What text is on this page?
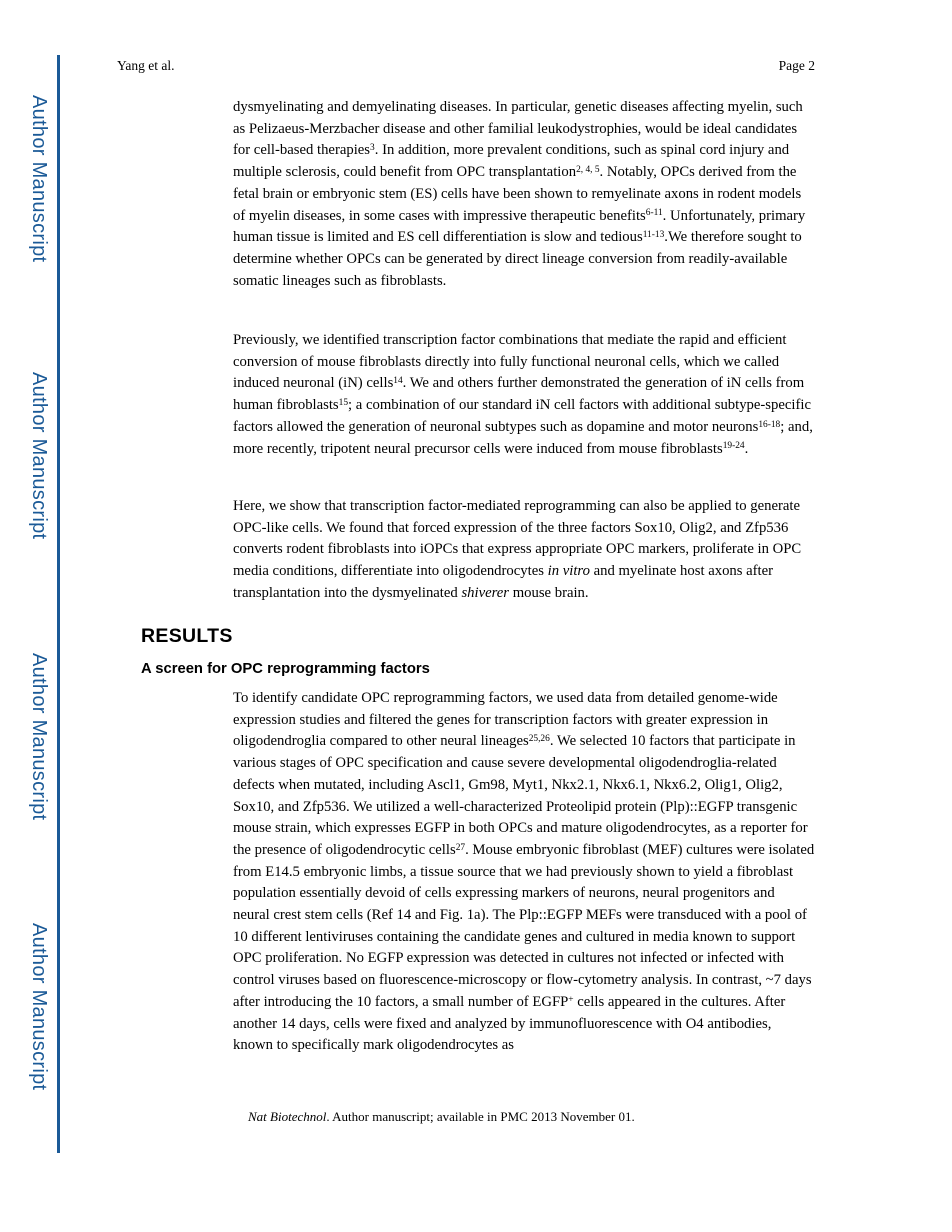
Author Manuscript
Author Manuscript
Author Manuscript
Author Manuscript
Yang et al.	Page 2
dysmyelinating and demyelinating diseases. In particular, genetic diseases affecting myelin, such as Pelizaeus-Merzbacher disease and other familial leukodystrophies, would be ideal candidates for cell-based therapies$^3$. In addition, more prevalent conditions, such as spinal cord injury and multiple sclerosis, could benefit from OPC transplantation$^{2, 4, 5}$. Notably, OPCs derived from the fetal brain or embryonic stem (ES) cells have been shown to remyelinate axons in rodent models of myelin diseases, in some cases with impressive therapeutic benefits$^{6-11}$. Unfortunately, primary human tissue is limited and ES cell differentiation is slow and tedious$^{11-13}$.We therefore sought to determine whether OPCs can be generated by direct lineage conversion from readily-available somatic lineages such as fibroblasts.
Previously, we identified transcription factor combinations that mediate the rapid and efficient conversion of mouse fibroblasts directly into fully functional neuronal cells, which we called induced neuronal (iN) cells$^{14}$. We and others further demonstrated the generation of iN cells from human fibroblasts$^{15}$; a combination of our standard iN cell factors with additional subtype-specific factors allowed the generation of neuronal subtypes such as dopamine and motor neurons$^{16-18}$; and, more recently, tripotent neural precursor cells were induced from mouse fibroblasts$^{19-24}$.
Here, we show that transcription factor-mediated reprogramming can also be applied to generate OPC-like cells. We found that forced expression of the three factors Sox10, Olig2, and Zfp536 converts rodent fibroblasts into iOPCs that express appropriate OPC markers, proliferate in OPC media conditions, differentiate into oligodendrocytes in vitro and myelinate host axons after transplantation into the dysmyelinated shiverer mouse brain.
RESULTS
A screen for OPC reprogramming factors
To identify candidate OPC reprogramming factors, we used data from detailed genome-wide expression studies and filtered the genes for transcription factors with greater expression in oligodendroglia compared to other neural lineages$^{25,26}$. We selected 10 factors that participate in various stages of OPC specification and cause severe developmental oligodendroglia-related defects when mutated, including Ascl1, Gm98, Myt1, Nkx2.1, Nkx6.1, Nkx6.2, Olig1, Olig2, Sox10, and Zfp536. We utilized a well-characterized Proteolipid protein (Plp)::EGFP transgenic mouse strain, which expresses EGFP in both OPCs and mature oligodendrocytes, as a reporter for the presence of oligodendrocytic cells$^{27}$. Mouse embryonic fibroblast (MEF) cultures were isolated from E14.5 embryonic limbs, a tissue source that we had previously shown to yield a fibroblast population essentially devoid of cells expressing markers of neurons, neural progenitors and neural crest stem cells (Ref 14 and Fig. 1a). The Plp::EGFP MEFs were transduced with a pool of 10 different lentiviruses containing the candidate genes and cultured in media known to support OPC proliferation. No EGFP expression was detected in cultures not infected or infected with control viruses based on fluorescence-microscopy or flow-cytometry analysis. In contrast, ~7 days after introducing the 10 factors, a small number of EGFP+ cells appeared in the cultures. After another 14 days, cells were fixed and analyzed by immunofluorescence with O4 antibodies, known to specifically mark oligodendrocytes as
Nat Biotechnol. Author manuscript; available in PMC 2013 November 01.
